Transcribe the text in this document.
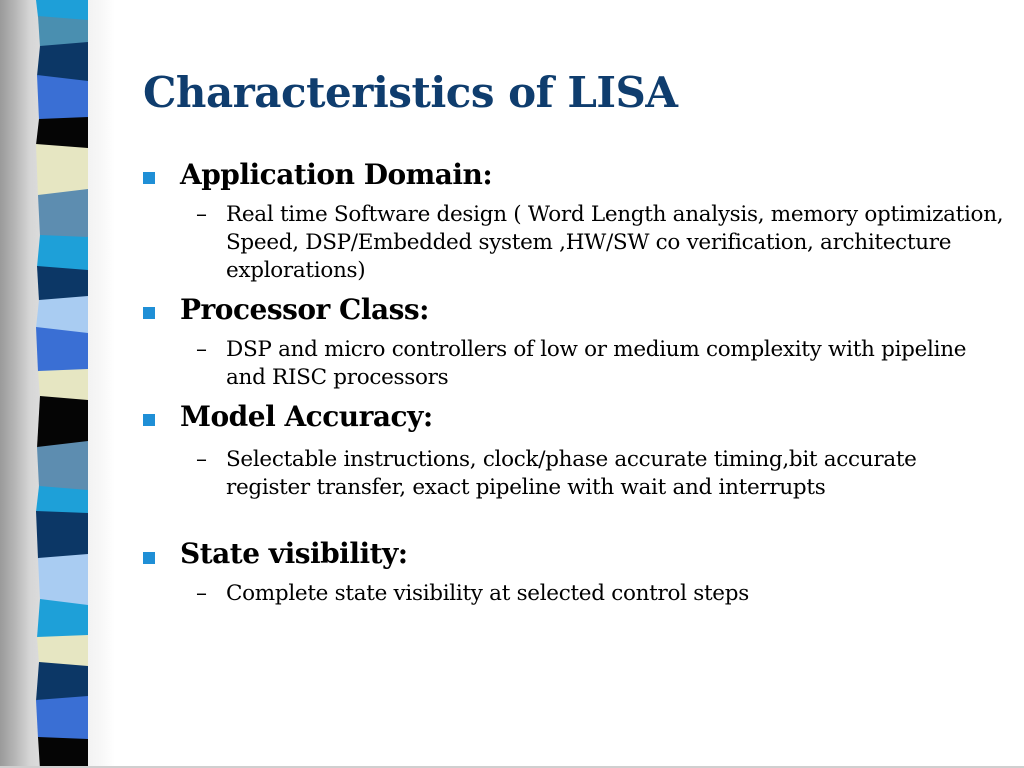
Characteristics of LISA
Application Domain:
– Real time Software design ( Word Length analysis, memory optimization, Speed, DSP/Embedded system ,HW/SW co verification, architecture explorations)

Processor Class:
– DSP and micro controllers of low or medium complexity with pipeline and RISC processors

Model Accuracy:
– Selectable instructions, clock/phase accurate timing,bit accurate register transfer, exact pipeline with wait and interrupts

State visibility:
– Complete state visibility at selected control steps
